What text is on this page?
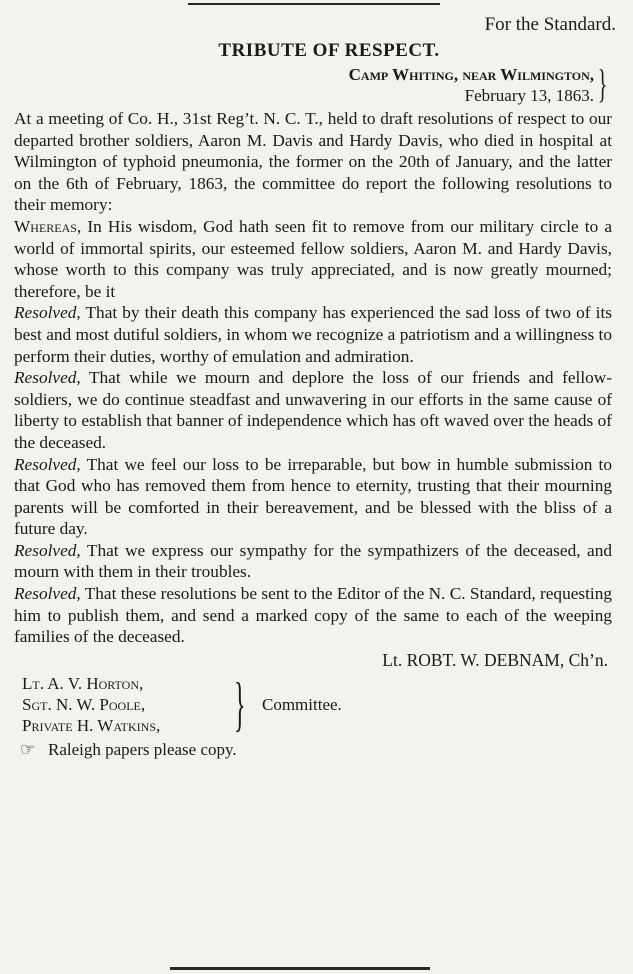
For the Standard.
TRIBUTE OF RESPECT.
Camp Whiting, near Wilmington,
February 13, 1863. }

At a meeting of Co. H., 31st Reg’t. N. C. T., held to draft resolutions of respect to our departed brother soldiers, Aaron M. Davis and Hardy Davis, who died in hospital at Wilmington of typhoid pneumonia, the former on the 20th of January, and the latter on the 6th of February, 1863, the committee do report the following resolutions to their memory:

Whereas, In His wisdom, God hath seen fit to remove from our military circle to a world of immortal spirits, our esteemed fellow soldiers, Aaron M. and Hardy Davis, whose worth to this company was truly appreciated, and is now greatly mourned; therefore, be it

Resolved, That by their death this company has experienced the sad loss of two of its best and most dutiful soldiers, in whom we recognize a patriotism and a willingness to perform their duties, worthy of emulation and admiration.

Resolved, That while we mourn and deplore the loss of our friends and fellow-soldiers, we do continue steadfast and unwavering in our efforts in the same cause of liberty to establish that banner of independence which has oft waved over the heads of the deceased.

Resolved, That we feel our loss to be irreparable, but bow in humble submission to that God who has removed them from hence to eternity, trusting that their mourning parents will be comforted in their bereavement, and be blessed with the bliss of a future day.

Resolved, That we express our sympathy for the sympathizers of the deceased, and mourn with them in their troubles.

Resolved, That these resolutions be sent to the Editor of the N. C. Standard, requesting him to publish them, and send a marked copy of the same to each of the weeping families of the deceased.

Lt. ROBT. W. DEBNAM, Ch’n.
Lt. A. V. Horton,
Sgt. N. W. Poole,
Private H. Watkins, } Committee.
☞ Raleigh papers please copy.
